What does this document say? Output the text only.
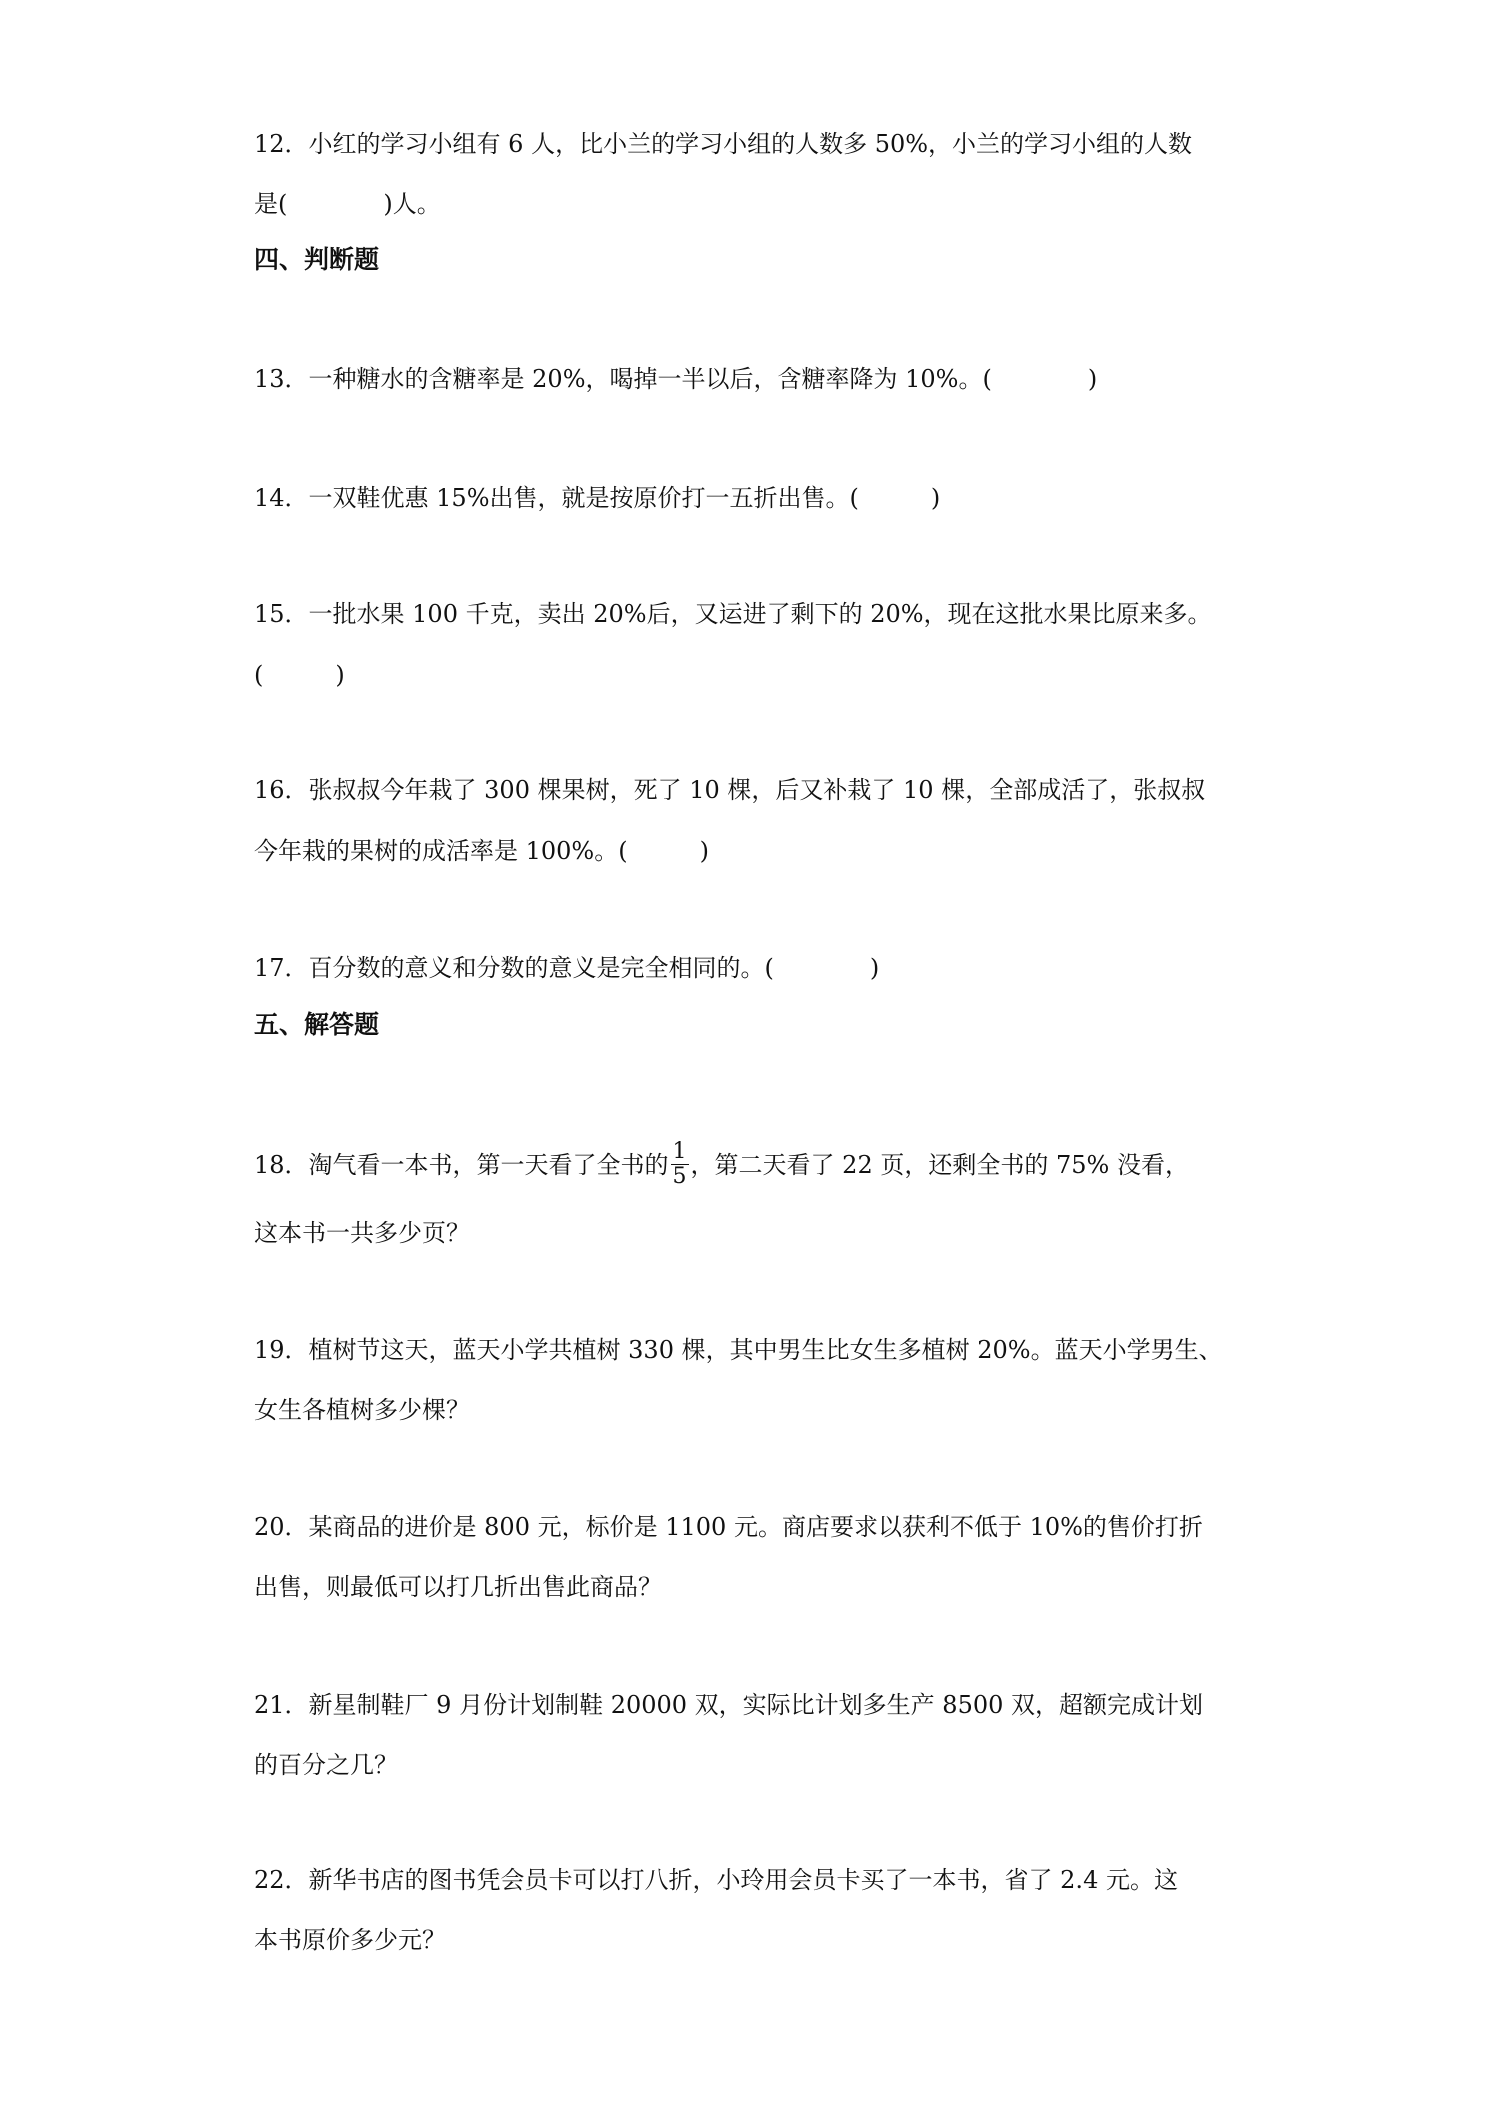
12．小红的学习小组有 6 人，比小兰的学习小组的人数多 50%，小兰的学习小组的人数
是(　　　　)人。
四、判断题
13．一种糖水的含糖率是 20%，喝掉一半以后，含糖率降为 10%。(　　　　)
14．一双鞋优惠 15%出售，就是按原价打一五折出售。(　　　)
15．一批水果 100 千克，卖出 20%后，又运进了剩下的 20%，现在这批水果比原来多。
(　　　)
16．张叔叔今年栽了 300 棵果树，死了 10 棵，后又补栽了 10 棵，全部成活了，张叔叔
今年栽的果树的成活率是 100%。(　　　)
17．百分数的意义和分数的意义是完全相同的。(　　　　)
五、解答题
18．淘气看一本书，第一天看了全书的 $\frac{1}{5}$ ，第二天看了 22 页，还剩全书的 75% 没看，
这本书一共多少页？
19．植树节这天，蓝天小学共植树 330 棵，其中男生比女生多植树 20%。蓝天小学男生、
女生各植树多少棵？
20．某商品的进价是 800 元，标价是 1100 元。商店要求以获利不低于 10%的售价打折
出售，则最低可以打几折出售此商品？
21．新星制鞋厂 9 月份计划制鞋 20000 双，实际比计划多生产 8500 双，超额完成计划
的百分之几？
22．新华书店的图书凭会员卡可以打八折，小玲用会员卡买了一本书，省了 2.4 元。这
本书原价多少元？
